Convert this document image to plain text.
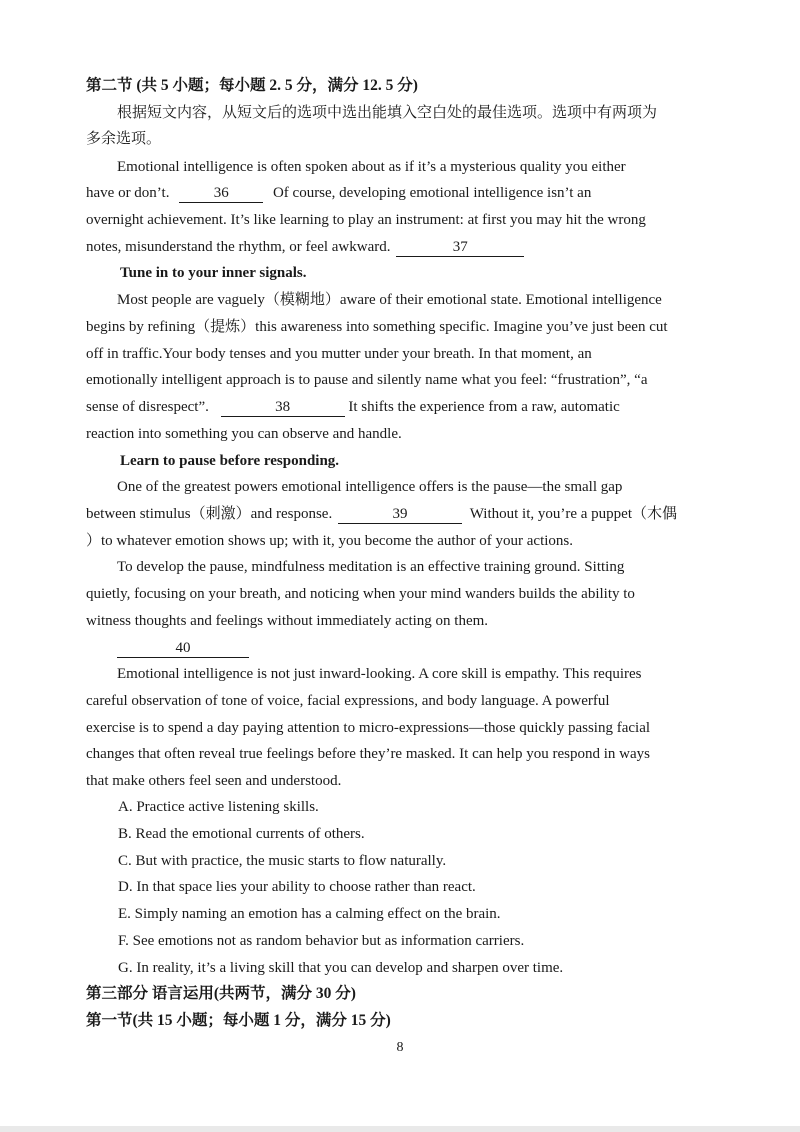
第二节 (共 5 小题；每小题 2. 5 分，满分 12. 5 分)
根据短文内容，从短文后的选项中选出能填入空白处的最佳选项。选项中有两项为
多余选项。
Emotional intelligence is often spoken about as if it’s a mysterious quality you either
have or don’t.	36	Of course, developing emotional intelligence isn’t an
overnight achievement. It’s like learning to play an instrument: at first you may hit the wrong
notes, misunderstand the rhythm, or feel awkward.	37
Tune in to your inner signals.
Most people are vaguely（模糊地）aware of their emotional state. Emotional intelligence
begins by refining（提炼）this awareness into something specific. Imagine you’ve just been cut
off in traffic.Your body tenses and you mutter under your breath. In that moment, an
emotionally intelligent approach is to pause and silently name what you feel: “frustration”, “a
sense of disrespect”.	38	It shifts the experience from a raw, automatic
reaction into something you can observe and handle.
Learn to pause before responding.
One of the greatest powers emotional intelligence offers is the pause—the small gap
between stimulus（刺激）and response.	39	Without it, you’re a puppet（木偶
）to whatever emotion shows up; with it, you become the author of your actions.
To develop the pause, mindfulness meditation is an effective training ground. Sitting
quietly, focusing on your breath, and noticing when your mind wanders builds the ability to
witness thoughts and feelings without immediately acting on them.
40
Emotional intelligence is not just inward-looking. A core skill is empathy. This requires
careful observation of tone of voice, facial expressions, and body language. A powerful
exercise is to spend a day paying attention to micro-expressions—those quickly passing facial
changes that often reveal true feelings before they’re masked. It can help you respond in ways
that make others feel seen and understood.
A. Practice active listening skills.
B. Read the emotional currents of others.
C. But with practice, the music starts to flow naturally.
D. In that space lies your ability to choose rather than react.
E. Simply naming an emotion has a calming effect on the brain.
F. See emotions not as random behavior but as information carriers.
G. In reality, it’s a living skill that you can develop and sharpen over time.
第三部分 语言运用(共两节，满分 30 分)
第一节(共 15 小题；每小题 1 分，满分 15 分)
8
